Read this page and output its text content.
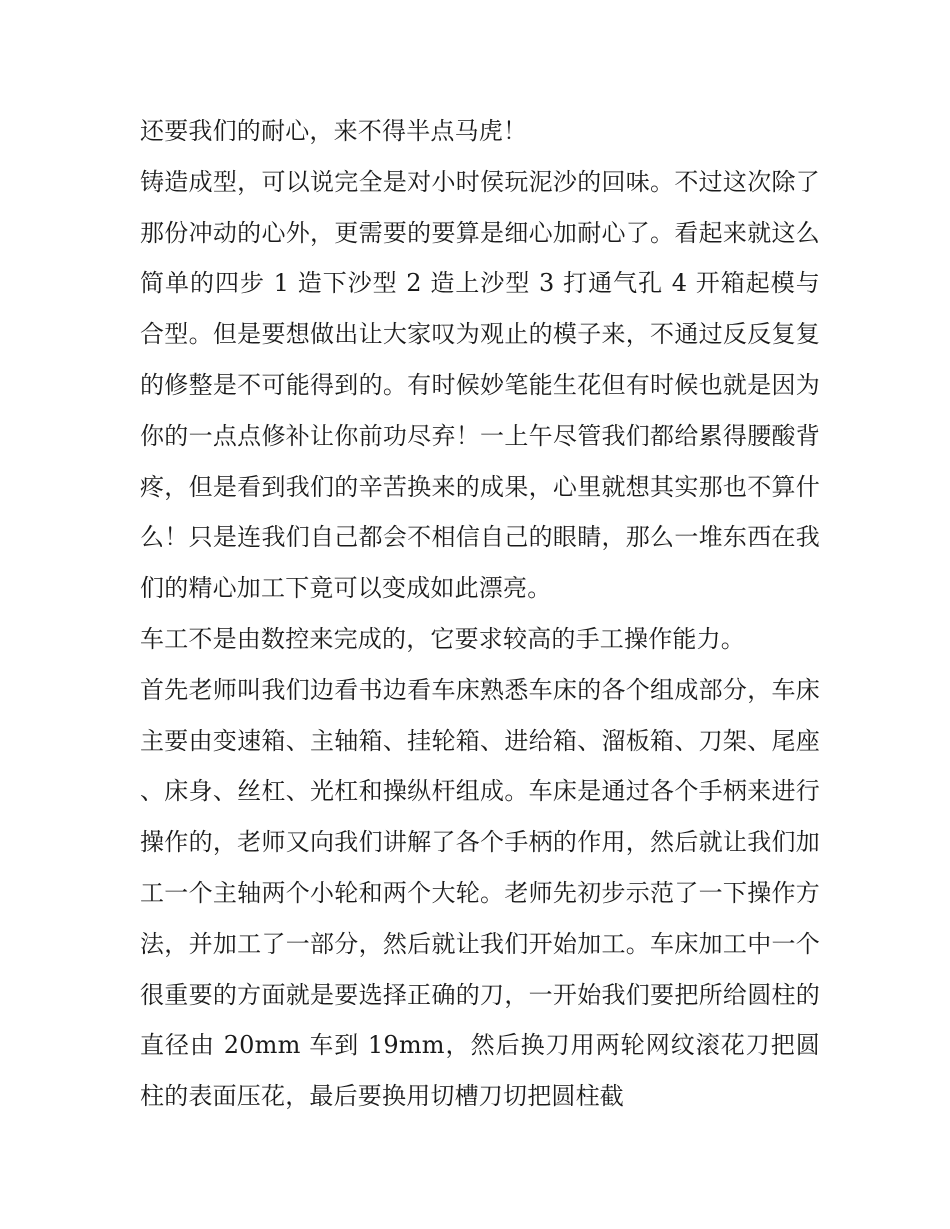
还要我们的耐心，来不得半点马虎！

铸造成型，可以说完全是对小时侯玩泥沙的回味。不过这次除了那份冲动的心外，更需要的要算是细心加耐心了。看起来就这么简单的四步 1 造下沙型 2 造上沙型 3 打通气孔 4 开箱起模与合型。但是要想做出让大家叹为观止的模子来，不通过反反复复的修整是不可能得到的。有时候妙笔能生花但有时候也就是因为你的一点点修补让你前功尽弃！一上午尽管我们都给累得腰酸背疼，但是看到我们的辛苦换来的成果，心里就想其实那也不算什么！只是连我们自己都会不相信自己的眼睛，那么一堆东西在我们的精心加工下竟可以变成如此漂亮。

车工不是由数控来完成的，它要求较高的手工操作能力。

首先老师叫我们边看书边看车床熟悉车床的各个组成部分，车床主要由变速箱、主轴箱、挂轮箱、进给箱、溜板箱、刀架、尾座、床身、丝杠、光杠和操纵杆组成。车床是通过各个手柄来进行操作的，老师又向我们讲解了各个手柄的作用，然后就让我们加工一个主轴两个小轮和两个大轮。老师先初步示范了一下操作方法，并加工了一部分，然后就让我们开始加工。车床加工中一个很重要的方面就是要选择正确的刀，一开始我们要把所给圆柱的直径由 20mm 车到 19mm，然后换刀用两轮网纹滚花刀把圆柱的表面压花，最后要换用切槽刀切把圆柱截
